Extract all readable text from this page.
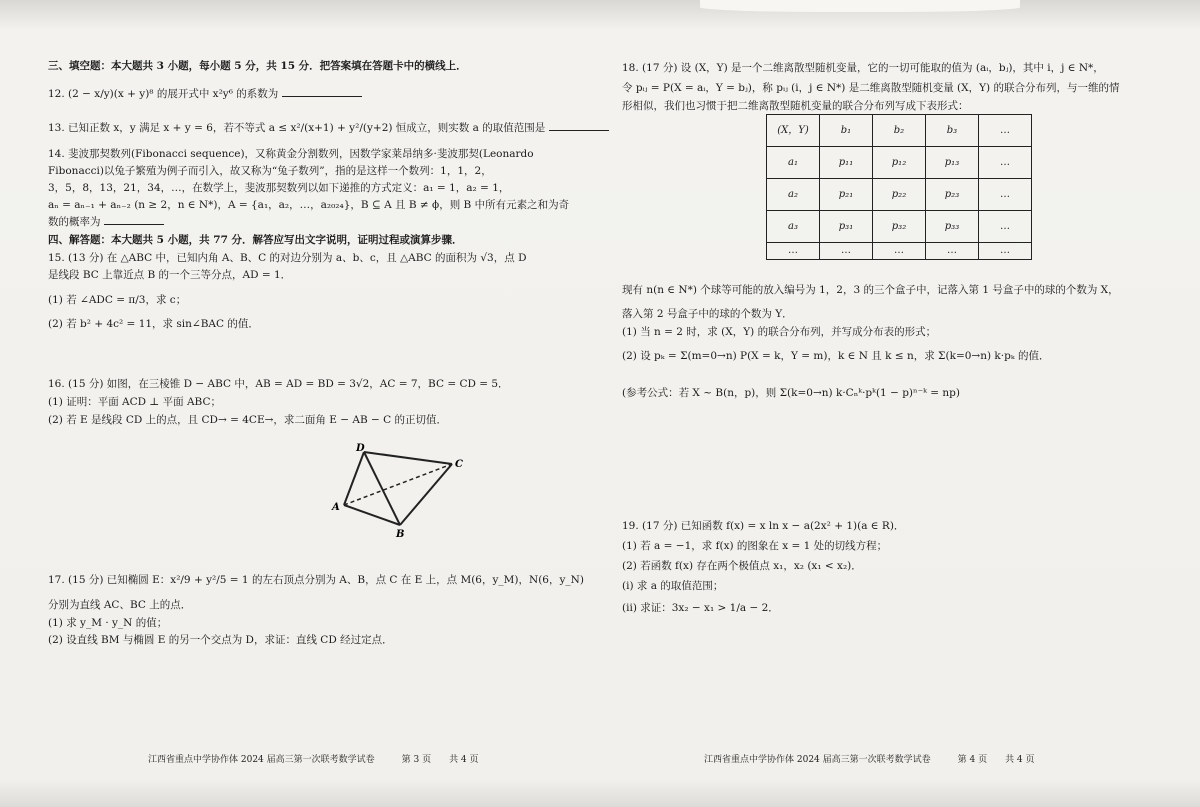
三、填空题：本大题共 3 小题，每小题 5 分，共 15 分．把答案填在答题卡中的横线上．
12. (2 − x/y)(x + y)⁸ 的展开式中 x²y⁶ 的系数为
13. 已知正数 x，y 满足 x + y = 6，若不等式 a ≤ x²/(x+1) + y²/(y+2) 恒成立，则实数 a 的取值范围是
14. 斐波那契数列(Fibonacci sequence)，又称黄金分割数列，因数学家莱昂纳多·斐波那契(Leonardo
Fibonacci)以兔子繁殖为例子而引入，故又称为“兔子数列”，指的是这样一个数列：1，1，2，
3，5，8，13，21，34，…，在数学上，斐波那契数列以如下递推的方式定义：a₁ = 1，a₂ = 1，
aₙ = aₙ₋₁ + aₙ₋₂ (n ≥ 2，n ∈ N*)，A = {a₁，a₂，…，a₂₀₂₄}，B ⊆ A 且 B ≠ ϕ，则 B 中所有元素之和为奇
数的概率为
四、解答题：本大题共 5 小题，共 77 分．解答应写出文字说明，证明过程或演算步骤．
15. (13 分) 在 △ABC 中，已知内角 A、B、C 的对边分别为 a、b、c，且 △ABC 的面积为 √3，点 D
是线段 BC 上靠近点 B 的一个三等分点，AD = 1．
(1) 若 ∠ADC = π/3，求 c；
(2) 若 b² + 4c² = 11，求 sin∠BAC 的值．
16. (15 分) 如图，在三棱锥 D − ABC 中，AB = AD = BD = 3√2，AC = 7，BC = CD = 5．
(1) 证明：平面 ACD ⊥ 平面 ABC；
(2) 若 E 是线段 CD 上的点，且 CD→ = 4CE→，求二面角 E − AB − C 的正切值．
17. (15 分) 已知椭圆 E：x²/9 + y²/5 = 1 的左右顶点分别为 A、B，点 C 在 E 上，点 M(6，y_M)，N(6，y_N)
分别为直线 AC、BC 上的点．
(1) 求 y_M · y_N 的值；
(2) 设直线 BM 与椭圆 E 的另一个交点为 D，求证：直线 CD 经过定点．
D
C
A
B
18. (17 分) 设 (X，Y) 是一个二维离散型随机变量，它的一切可能取的值为 (aᵢ，bⱼ)，其中 i，j ∈ N*，
令 pᵢⱼ = P(X = aᵢ，Y = bⱼ)，称 pᵢⱼ (i，j ∈ N*) 是二维离散型随机变量 (X，Y) 的联合分布列，与一维的情
形相似，我们也习惯于把二维离散型随机变量的联合分布列写成下表形式：
(X，Y)	b₁	b₂	b₃	…
a₁	p₁₁	p₁₂	p₁₃	…
a₂	p₂₁	p₂₂	p₂₃	…
a₃	p₃₁	p₃₂	p₃₃	…
…	…	…	…	…
现有 n(n ∈ N*) 个球等可能的放入编号为 1，2，3 的三个盒子中，记落入第 1 号盒子中的球的个数为 X，
落入第 2 号盒子中的球的个数为 Y．
(1) 当 n = 2 时，求 (X，Y) 的联合分布列，并写成分布表的形式；
(2) 设 pₖ = Σ(m=0→n) P(X = k，Y = m)，k ∈ N 且 k ≤ n，求 Σ(k=0→n) k·pₖ 的值．
(参考公式：若 X ~ B(n，p)，则 Σ(k=0→n) k·Cₙᵏ·pᵏ(1 − p)ⁿ⁻ᵏ = np)
19. (17 分) 已知函数 f(x) = x ln x − a(2x² + 1)(a ∈ R)．
(1) 若 a = −1，求 f(x) 的图象在 x = 1 处的切线方程；
(2) 若函数 f(x) 存在两个极值点 x₁，x₂ (x₁ < x₂)．
(i) 求 a 的取值范围；
(ii) 求证：3x₂ − x₁ > 1/a − 2．
江西省重点中学协作体 2024 届高三第一次联考数学试卷　　　第 3 页　　共 4 页	江西省重点中学协作体 2024 届高三第一次联考数学试卷　　　第 4 页　　共 4 页
